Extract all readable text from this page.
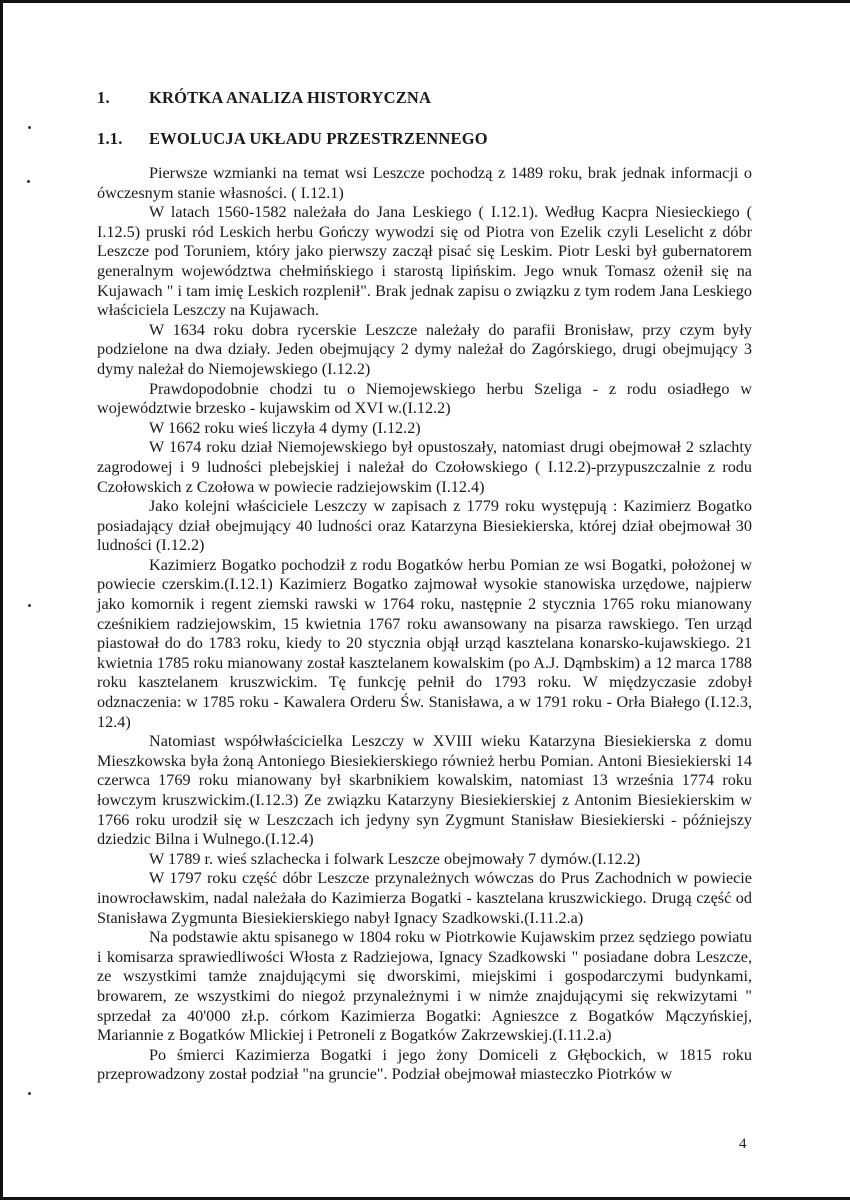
1. KRÓTKA ANALIZA HISTORYCZNA
1.1. EWOLUCJA UKŁADU PRZESTRZENNEGO

Pierwsze wzmianki na temat wsi Leszcze pochodzą z 1489 roku, brak jednak informacji o ówczesnym stanie własności. ( I.12.1)

W latach 1560-1582 należała do Jana Leskiego ( I.12.1). Według Kacpra Niesieckiego ( I.12.5) pruski ród Leskich herbu Gończy wywodzi się od Piotra von Ezelik czyli Leselicht z dóbr Leszcze pod Toruniem, który jako pierwszy zaczął pisać się Leskim. Piotr Leski był gubernatorem generalnym województwa chełmińskiego i starostą lipińskim. Jego wnuk Tomasz ożenił się na Kujawach " i tam imię Leskich rozplenił". Brak jednak zapisu o związku z tym rodem Jana Leskiego właściciela Leszczy na Kujawach.

W 1634 roku dobra rycerskie Leszcze należały do parafii Bronisław, przy czym były podzielone na dwa działy. Jeden obejmujący 2 dymy należał do Zagórskiego, drugi obejmujący 3 dymy należał do Niemojewskiego (I.12.2)

Prawdopodobnie chodzi tu o Niemojewskiego herbu Szeliga - z rodu osiadłego w województwie brzesko - kujawskim od XVI w.(I.12.2)

W 1662 roku wieś liczyła 4 dymy (I.12.2)

W 1674 roku dział Niemojewskiego był opustoszały, natomiast drugi obejmował 2 szlachty zagrodowej i 9 ludności plebejskiej i należał do Czołowskiego ( I.12.2)-przypuszczalnie z rodu Czołowskich z Czołowa w powiecie radziejowskim (I.12.4)

Jako kolejni właściciele Leszczy w zapisach z 1779 roku występują : Kazimierz Bogatko posiadający dział obejmujący 40 ludności oraz Katarzyna Biesiekierska, której dział obejmował 30 ludności (I.12.2)

Kazimierz Bogatko pochodził z rodu Bogatków herbu Pomian ze wsi Bogatki, położonej w powiecie czerskim.(I.12.1) Kazimierz Bogatko zajmował wysokie stanowiska urzędowe, najpierw jako komornik i regent ziemski rawski w 1764 roku, następnie 2 stycznia 1765 roku mianowany cześnikiem radziejowskim, 15 kwietnia 1767 roku awansowany na pisarza rawskiego. Ten urząd piastował do do 1783 roku, kiedy to 20 stycznia objął urząd kasztelana konarsko-kujawskiego. 21 kwietnia 1785 roku mianowany został kasztelanem kowalskim (po A.J. Dąmbskim) a 12 marca 1788 roku kasztelanem kruszwickim. Tę funkcję pełnił do 1793 roku. W międzyczasie zdobył odznaczenia: w 1785 roku - Kawalera Orderu Św. Stanisława, a w 1791 roku - Orła Białego (I.12.3, 12.4)

Natomiast współwłaścicielka Leszczy w XVIII wieku Katarzyna Biesiekierska z domu Mieszkowska była żoną Antoniego Biesiekierskiego również herbu Pomian. Antoni Biesiekierski 14 czerwca 1769 roku mianowany był skarbnikiem kowalskim, natomiast 13 września 1774 roku łowczym kruszwickim.(I.12.3) Ze związku Katarzyny Biesiekierskiej z Antonim Biesiekierskim w 1766 roku urodził się w Leszczach ich jedyny syn Zygmunt Stanisław Biesiekierski - późniejszy dziedzic Bilna i Wulnego.(I.12.4)

W 1789 r. wieś szlachecka i folwark Leszcze obejmowały 7 dymów.(I.12.2)

W 1797 roku część dóbr Leszcze przynależnych wówczas do Prus Zachodnich w powiecie inowrocławskim, nadal należała do Kazimierza Bogatki - kasztelana kruszwickiego. Drugą część od Stanisława Zygmunta Biesiekierskiego nabył Ignacy Szadkowski.(I.11.2.a)

Na podstawie aktu spisanego w 1804 roku w Piotrkowie Kujawskim przez sędziego powiatu i komisarza sprawiedliwości Włosta z Radziejowa, Ignacy Szadkowski " posiadane dobra Leszcze, ze wszystkimi tamże znajdującymi się dworskimi, miejskimi i gospodarczymi budynkami, browarem, ze wszystkimi do niegoż przynależnymi i w nimże znajdującymi się rekwizytami " sprzedał za 40'000 zł.p. córkom Kazimierza Bogatki: Agnieszce z Bogatków Mączyńskiej, Mariannie z Bogatków Mlickiej i Petroneli z Bogatków Zakrzewskiej.(I.11.2.a)

Po śmierci Kazimierza Bogatki i jego żony Domiceli z Głębockich, w 1815 roku przeprowadzony został podział "na gruncie". Podział obejmował miasteczko Piotrków w

4
